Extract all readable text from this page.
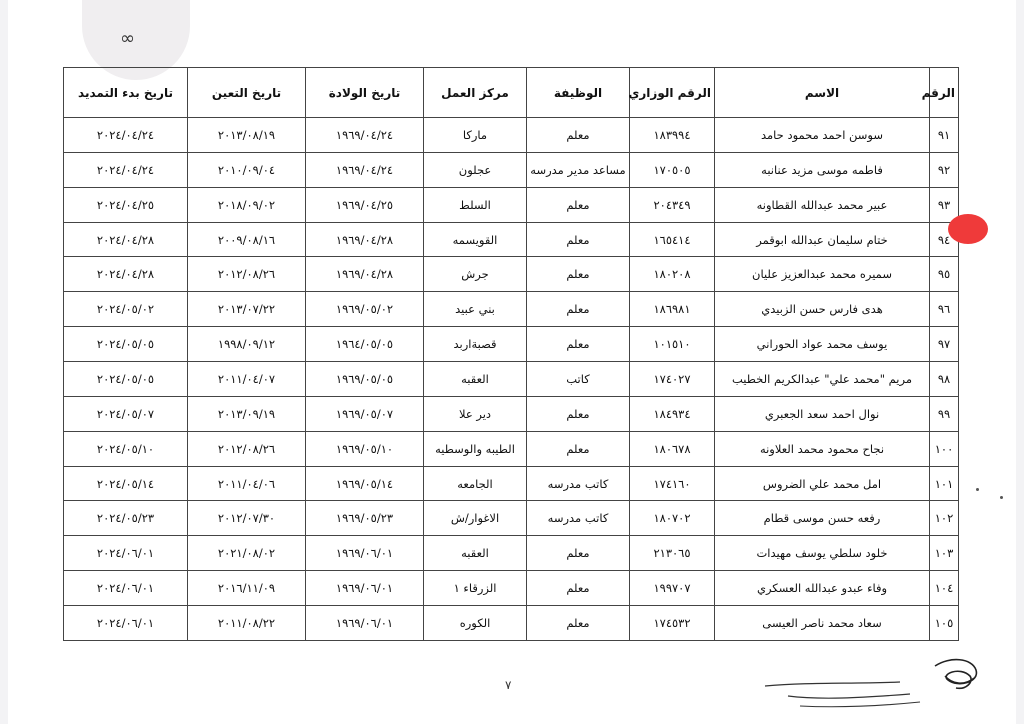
∞
الرقم	الاسم	الرقم الوزاري	الوظيفة	مركز العمل	تاريخ الولادة	تاريخ التعين	تاريخ بدء التمديد
٩١	سوسن احمد محمود حامد	١٨٣٩٩٤	معلم	ماركا	١٩٦٩/٠٤/٢٤	٢٠١٣/٠٨/١٩	٢٠٢٤/٠٤/٢٤
٩٢	فاطمه موسى مزيد عنانبه	١٧٠٥٠٥	مساعد مدير مدرسه	عجلون	١٩٦٩/٠٤/٢٤	٢٠١٠/٠٩/٠٤	٢٠٢٤/٠٤/٢٤
٩٣	عبير محمد عبدالله القطاونه	٢٠٤٣٤٩	معلم	السلط	١٩٦٩/٠٤/٢٥	٢٠١٨/٠٩/٠٢	٢٠٢٤/٠٤/٢٥
٩٤	ختام سليمان عبدالله ابوقمر	١٦٥٤١٤	معلم	القويسمه	١٩٦٩/٠٤/٢٨	٢٠٠٩/٠٨/١٦	٢٠٢٤/٠٤/٢٨
٩٥	سميره محمد عبدالعزيز عليان	١٨٠٢٠٨	معلم	جرش	١٩٦٩/٠٤/٢٨	٢٠١٢/٠٨/٢٦	٢٠٢٤/٠٤/٢٨
٩٦	هدى فارس حسن الزبيدي	١٨٦٩٨١	معلم	بني عبيد	١٩٦٩/٠٥/٠٢	٢٠١٣/٠٧/٢٢	٢٠٢٤/٠٥/٠٢
٩٧	يوسف محمد عواد الحوراني	١٠١٥١٠	معلم	قصبةاربد	١٩٦٤/٠٥/٠٥	١٩٩٨/٠٩/١٢	٢٠٢٤/٠٥/٠٥
٩٨	مريم "محمد علي" عبدالكريم الخطيب	١٧٤٠٢٧	كاتب	العقبه	١٩٦٩/٠٥/٠٥	٢٠١١/٠٤/٠٧	٢٠٢٤/٠٥/٠٥
٩٩	نوال احمد سعد الجعبري	١٨٤٩٣٤	معلم	دير علا	١٩٦٩/٠٥/٠٧	٢٠١٣/٠٩/١٩	٢٠٢٤/٠٥/٠٧
١٠٠	نجاح محمود محمد العلاونه	١٨٠٦٧٨	معلم	الطيبه والوسطيه	١٩٦٩/٠٥/١٠	٢٠١٢/٠٨/٢٦	٢٠٢٤/٠٥/١٠
١٠١	امل محمد علي الضروس	١٧٤١٦٠	كاتب مدرسه	الجامعه	١٩٦٩/٠٥/١٤	٢٠١١/٠٤/٠٦	٢٠٢٤/٠٥/١٤
١٠٢	رفعه حسن موسى قطام	١٨٠٧٠٢	كاتب مدرسه	الاغوار/ش	١٩٦٩/٠٥/٢٣	٢٠١٢/٠٧/٣٠	٢٠٢٤/٠٥/٢٣
١٠٣	خلود سلطي يوسف مهيدات	٢١٣٠٦٥	معلم	العقبه	١٩٦٩/٠٦/٠١	٢٠٢١/٠٨/٠٢	٢٠٢٤/٠٦/٠١
١٠٤	وفاء عبدو عبدالله العسكري	١٩٩٧٠٧	معلم	الزرقاء ١	١٩٦٩/٠٦/٠١	٢٠١٦/١١/٠٩	٢٠٢٤/٠٦/٠١
١٠٥	سعاد محمد ناصر العيسى	١٧٤٥٣٢	معلم	الكوره	١٩٦٩/٠٦/٠١	٢٠١١/٠٨/٢٢	٢٠٢٤/٠٦/٠١
٧
